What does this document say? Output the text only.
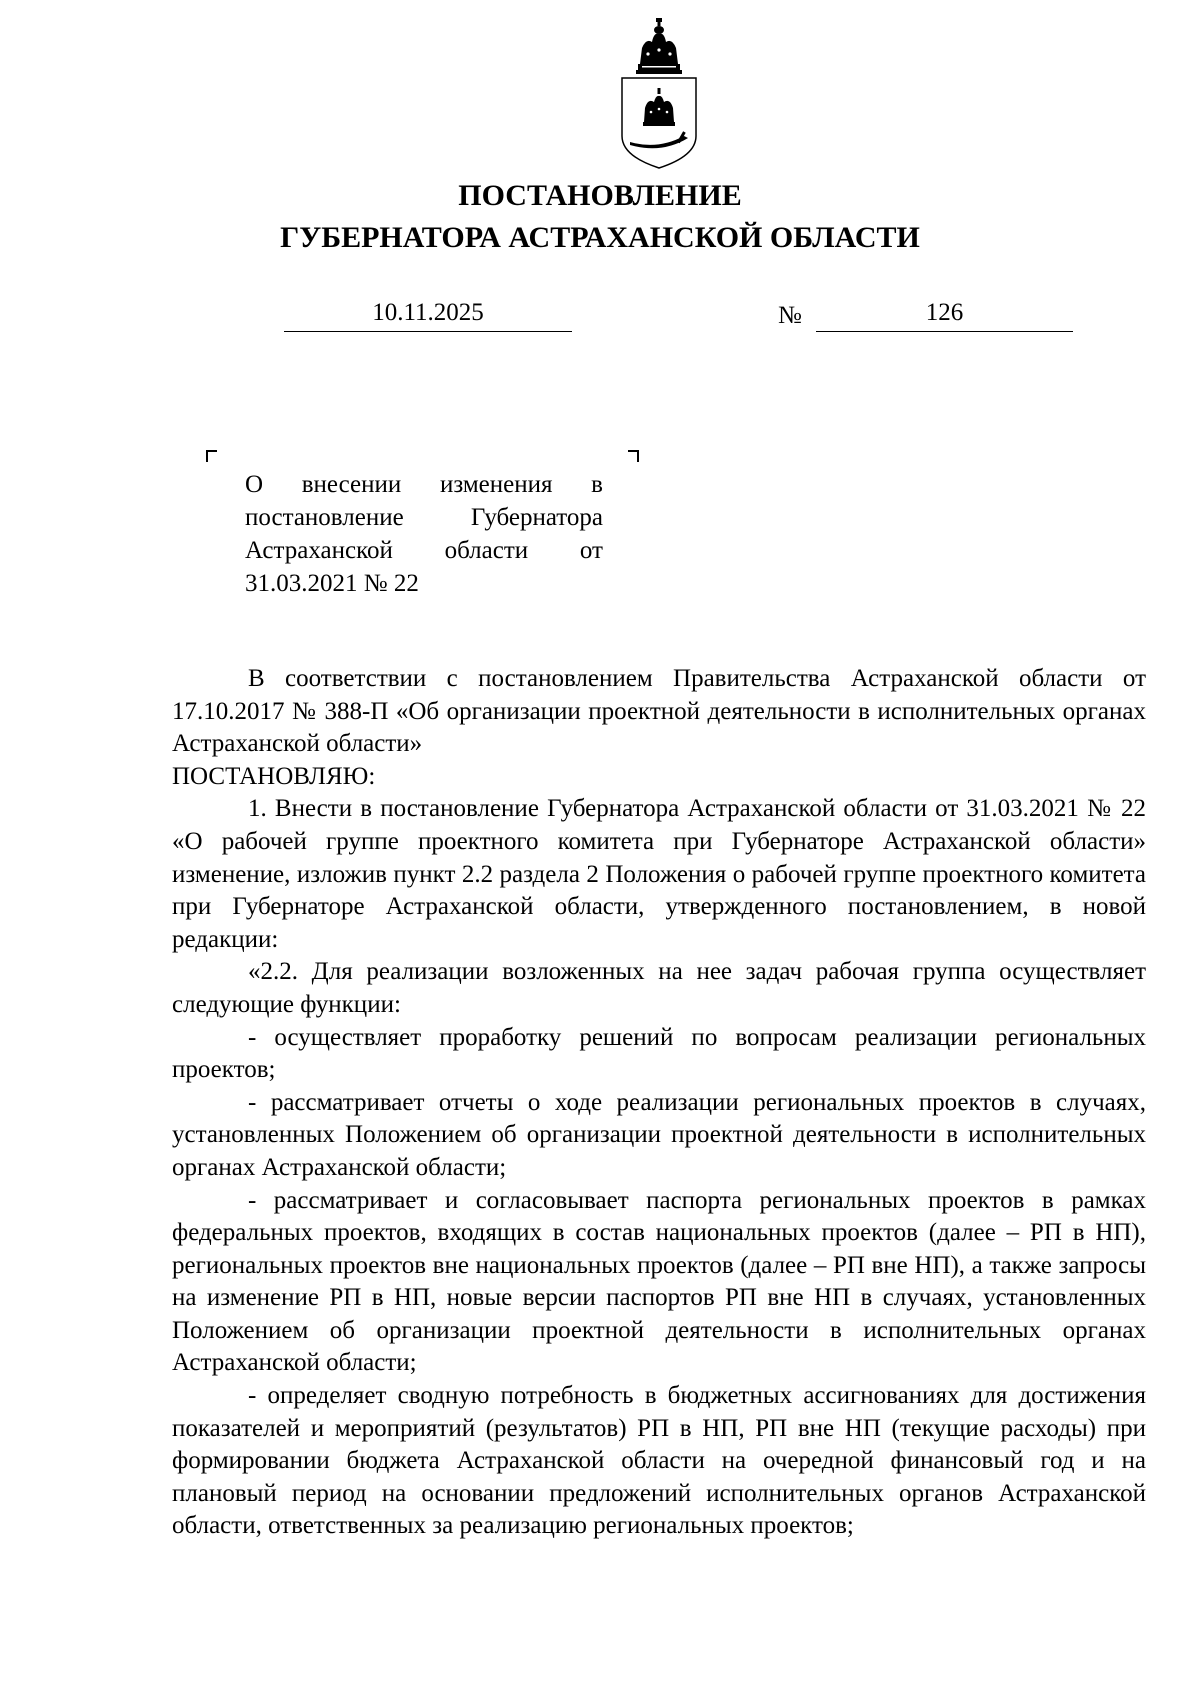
ПОСТАНОВЛЕНИЕ
ГУБЕРНАТОРА АСТРАХАНСКОЙ ОБЛАСТИ
10.11.2025	№	126
О внесении изменения в постановление Губернатора Астраханской области от 31.03.2021 № 22

В соответствии с постановлением Правительства Астраханской области от 17.10.2017 № 388-П «Об организации проектной деятельности в исполнительных органах Астраханской области»

ПОСТАНОВЛЯЮ:

1. Внести в постановление Губернатора Астраханской области от 31.03.2021 № 22 «О рабочей группе проектного комитета при Губернаторе Астраханской области» изменение, изложив пункт 2.2 раздела 2 Положения о рабочей группе проектного комитета при Губернаторе Астраханской области, утвержденного постановлением, в новой редакции:

«2.2. Для реализации возложенных на нее задач рабочая группа осуществляет следующие функции:

- осуществляет проработку решений по вопросам реализации региональных проектов;

- рассматривает отчеты о ходе реализации региональных проектов в случаях, установленных Положением об организации проектной деятельности в исполнительных органах Астраханской области;

- рассматривает и согласовывает паспорта региональных проектов в рамках федеральных проектов, входящих в состав национальных проектов (далее – РП в НП), региональных проектов вне национальных проектов (далее – РП вне НП), а также запросы на изменение РП в НП, новые версии паспортов РП вне НП в случаях, установленных Положением об организации проектной деятельности в исполнительных органах Астраханской области;

- определяет сводную потребность в бюджетных ассигнованиях для достижения показателей и мероприятий (результатов) РП в НП, РП вне НП (текущие расходы) при формировании бюджета Астраханской области на очередной финансовый год и на плановый период на основании предложений исполнительных органов Астраханской области, ответственных за реализацию региональных проектов;
